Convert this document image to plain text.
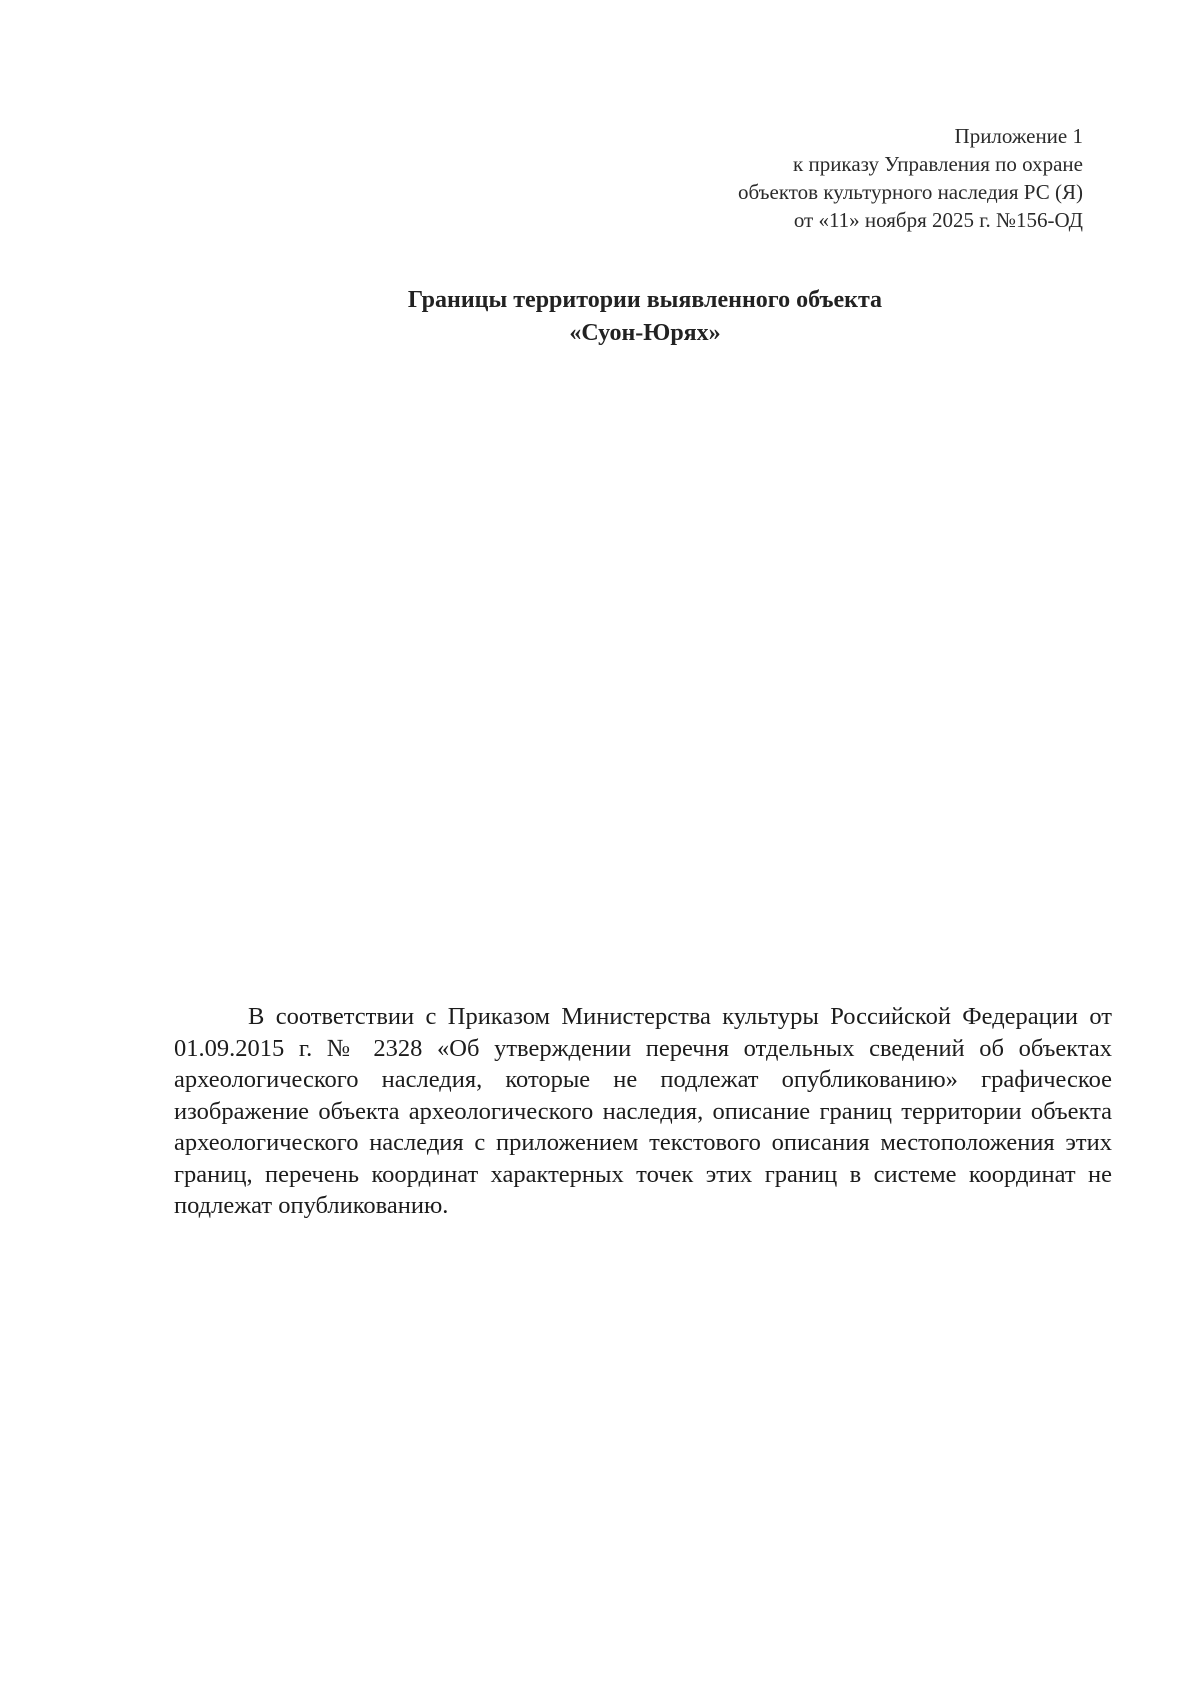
Приложение 1
к приказу Управления по охране
объектов культурного наследия РС (Я)
от «11» ноября 2025 г. №156-ОД
Границы территории выявленного объекта
«Суон-Юрях»

В соответствии с Приказом Министерства культуры Российской Федерации от 01.09.2015 г. № 2328 «Об утверждении перечня отдельных сведений об объектах археологического наследия, которые не подлежат опубликованию» графическое изображение объекта археологического наследия, описание границ территории объекта археологического наследия с приложением текстового описания местоположения этих границ, перечень координат характерных точек этих границ в системе координат не подлежат опубликованию.
